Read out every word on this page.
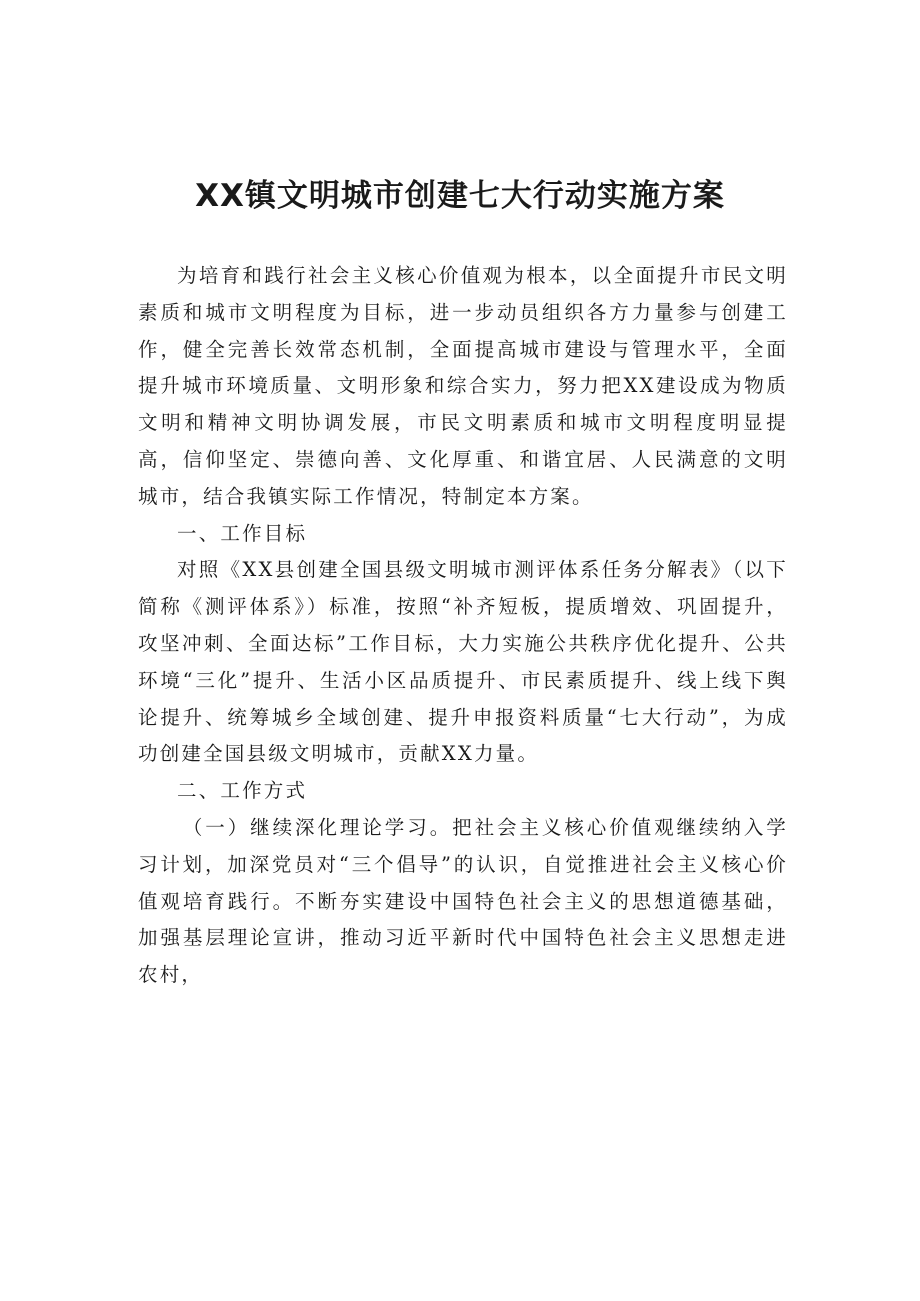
XX镇文明城市创建七大行动实施方案

为培育和践行社会主义核心价值观为根本，以全面提升市民文明素质和城市文明程度为目标，进一步动员组织各方力量参与创建工作，健全完善长效常态机制，全面提高城市建设与管理水平，全面提升城市环境质量、文明形象和综合实力，努力把XX建设成为物质文明和精神文明协调发展，市民文明素质和城市文明程度明显提高，信仰坚定、崇德向善、文化厚重、和谐宜居、人民满意的文明城市，结合我镇实际工作情况，特制定本方案。

一、工作目标

对照《XX县创建全国县级文明城市测评体系任务分解表》（以下简称《测评体系》）标准，按照“补齐短板，提质增效、巩固提升，攻坚冲刺、全面达标”工作目标，大力实施公共秩序优化提升、公共环境“三化”提升、生活小区品质提升、市民素质提升、线上线下舆论提升、统筹城乡全域创建、提升申报资料质量“七大行动”，为成功创建全国县级文明城市，贡献XX力量。

二、工作方式

（一）继续深化理论学习。把社会主义核心价值观继续纳入学习计划，加深党员对“三个倡导”的认识，自觉推进社会主义核心价值观培育践行。不断夯实建设中国特色社会主义的思想道德基础，加强基层理论宣讲，推动习近平新时代中国特色社会主义思想走进农村，
